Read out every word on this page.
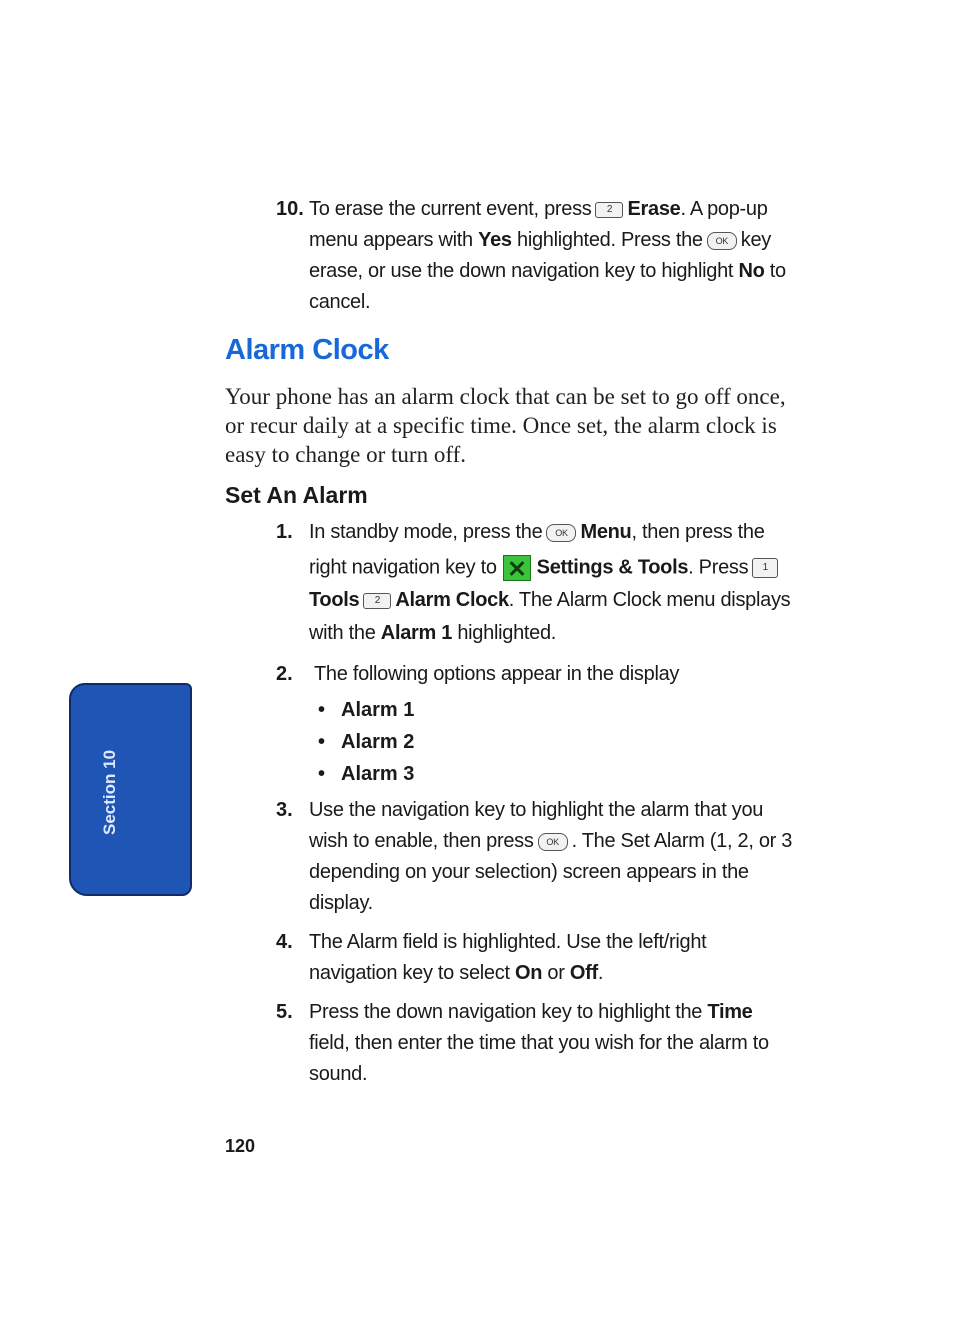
10. To erase the current event, press 2 Erase. A pop-up
menu appears with Yes highlighted. Press the OK key
erase, or use the down navigation key to highlight No to
cancel.
Alarm Clock
Your phone has an alarm clock that can be set to go off once, or recur daily at a specific time. Once set, the alarm clock is easy to change or turn off.
Set An Alarm
1. In standby mode, press the OK Menu, then press the
right navigation key to Settings & Tools. Press 1
Tools 2 Alarm Clock. The Alarm Clock menu displays
with the Alarm 1 highlighted.
2. The following options appear in the display
• Alarm 1
• Alarm 2
• Alarm 3
3. Use the navigation key to highlight the alarm that you
wish to enable, then press OK . The Set Alarm (1, 2, or 3
depending on your selection) screen appears in the
display.
4. The Alarm field is highlighted. Use the left/right
navigation key to select On or Off.
5. Press the down navigation key to highlight the Time
field, then enter the time that you wish for the alarm to
sound.
Section 10
120
